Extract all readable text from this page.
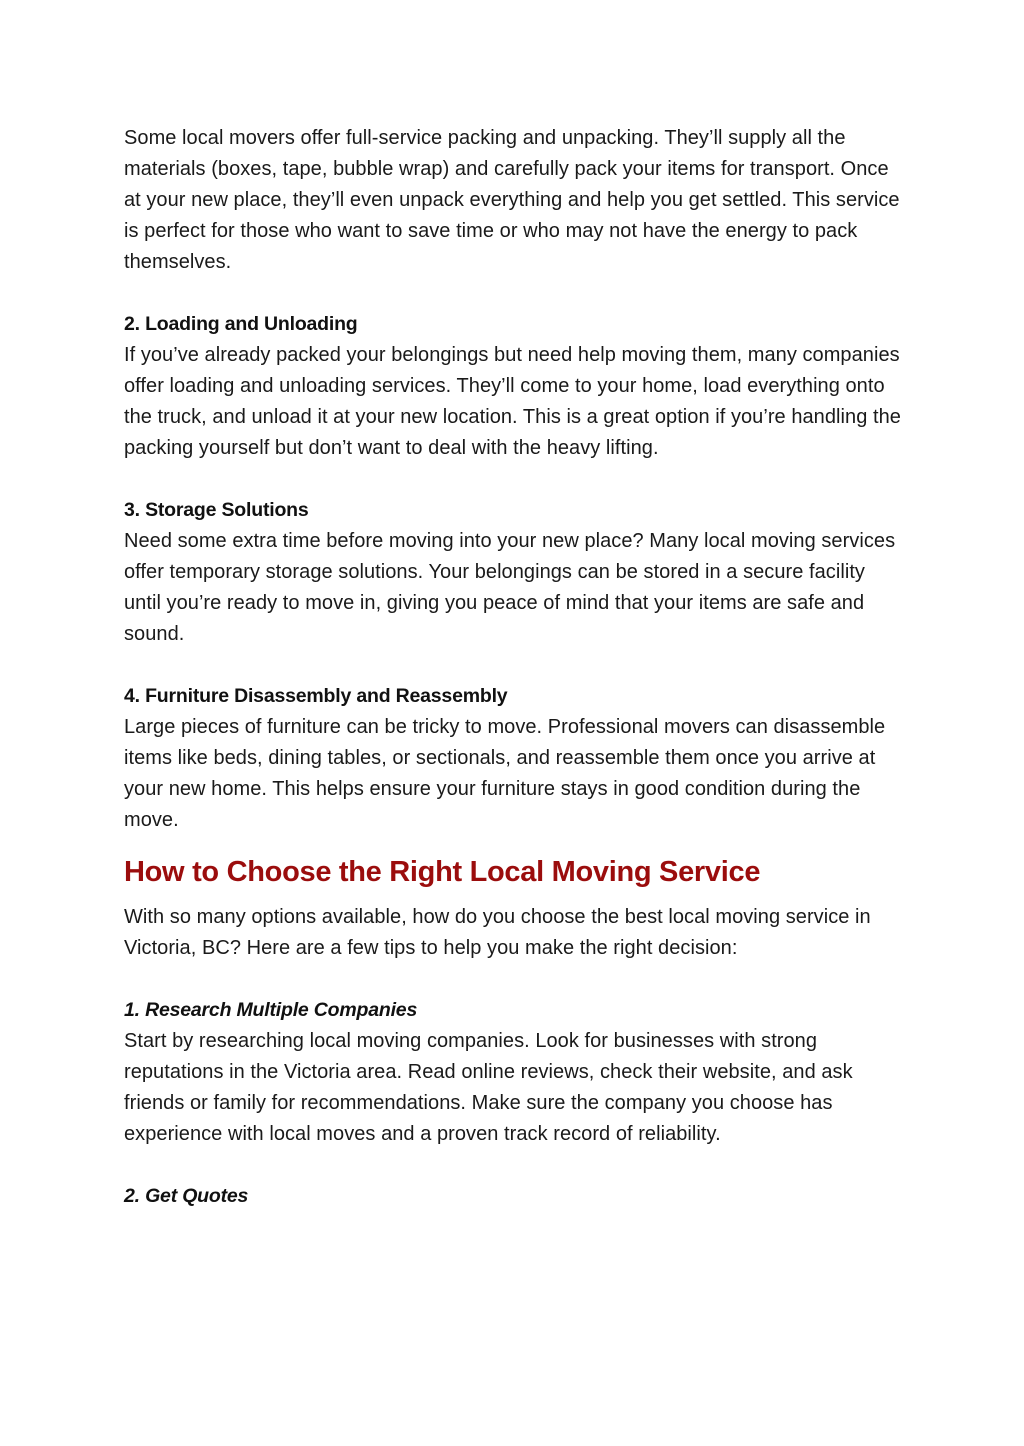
Some local movers offer full-service packing and unpacking. They’ll supply all the materials (boxes, tape, bubble wrap) and carefully pack your items for transport. Once at your new place, they’ll even unpack everything and help you get settled. This service is perfect for those who want to save time or who may not have the energy to pack themselves.

2. Loading and Unloading

If you’ve already packed your belongings but need help moving them, many companies offer loading and unloading services. They’ll come to your home, load everything onto the truck, and unload it at your new location. This is a great option if you’re handling the packing yourself but don’t want to deal with the heavy lifting.

3. Storage Solutions

Need some extra time before moving into your new place? Many local moving services offer temporary storage solutions. Your belongings can be stored in a secure facility until you’re ready to move in, giving you peace of mind that your items are safe and sound.

4. Furniture Disassembly and Reassembly

Large pieces of furniture can be tricky to move. Professional movers can disassemble items like beds, dining tables, or sectionals, and reassemble them once you arrive at your new home. This helps ensure your furniture stays in good condition during the move.

How to Choose the Right Local Moving Service

With so many options available, how do you choose the best local moving service in Victoria, BC? Here are a few tips to help you make the right decision:

1. Research Multiple Companies

Start by researching local moving companies. Look for businesses with strong reputations in the Victoria area. Read online reviews, check their website, and ask friends or family for recommendations. Make sure the company you choose has experience with local moves and a proven track record of reliability.

2. Get Quotes
